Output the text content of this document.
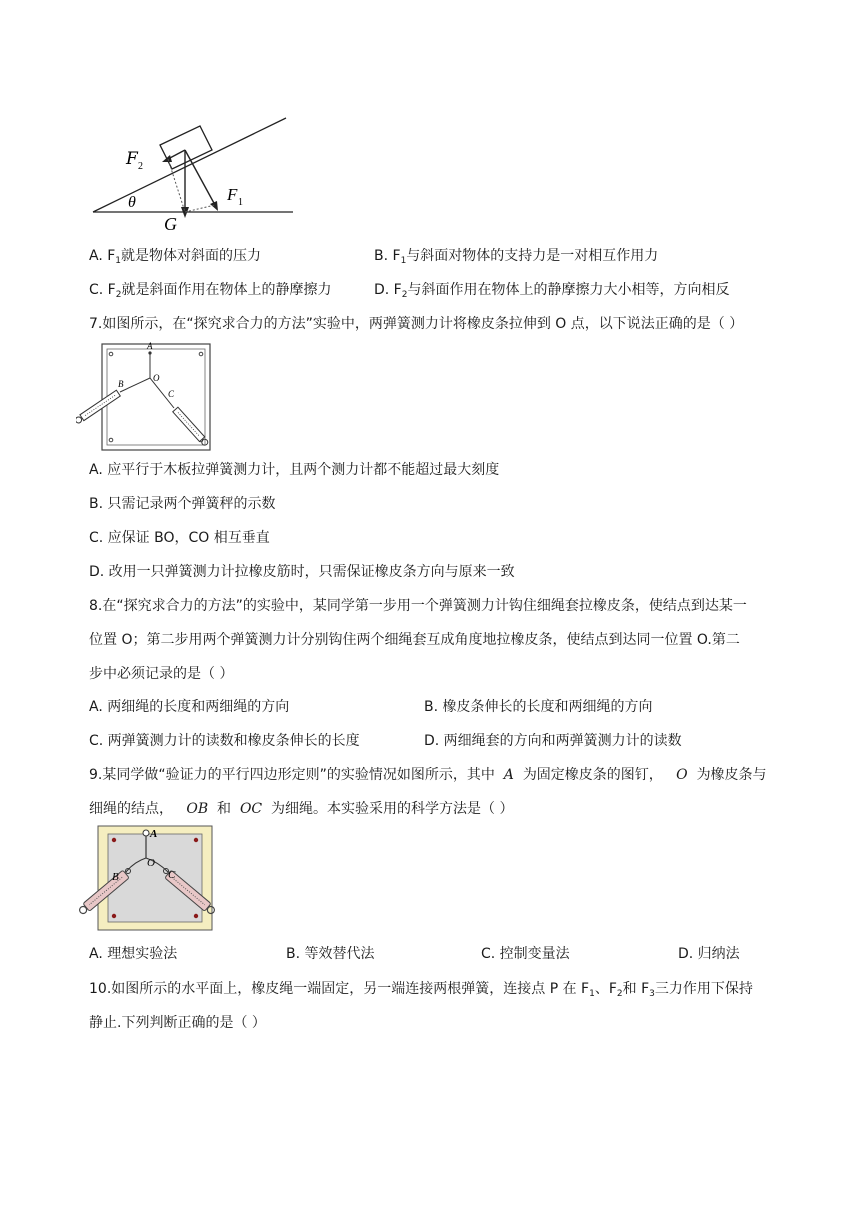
F 2
F 1
θ
G
A. $F_1$就是物体对斜面的压力	B. $F_1$与斜面对物体的支持力是一对相互作用力
C. $F_2$就是斜面作用在物体上的静摩擦力	D. $F_2$与斜面作用在物体上的静摩擦力大小相等，方向相反
7.如图所示，在“探究求合力的方法”实验中，两弹簧测力计将橡皮条拉伸到 O 点，以下说法正确的是（ ）
A
O
B
C
A. 应平行于木板拉弹簧测力计，且两个测力计都不能超过最大刻度
B. 只需记录两个弹簧秤的示数
C. 应保证 BO，CO 相互垂直
D. 改用一只弹簧测力计拉橡皮筋时，只需保证橡皮条方向与原来一致
8.在“探究求合力的方法”的实验中，某同学第一步用一个弹簧测力计钩住细绳套拉橡皮条，使结点到达某一
位置 O；第二步用两个弹簧测力计分别钩住两个细绳套互成角度地拉橡皮条，使结点到达同一位置 O.第二
步中必须记录的是（ ）
A. 两细绳的长度和两细绳的方向	B. 橡皮条伸长的长度和两细绳的方向
C. 两弹簧测力计的读数和橡皮条伸长的长度	D. 两细绳套的方向和两弹簧测力计的读数
9.某同学做“验证力的平行四边形定则”的实验情况如图所示，其中 A 为固定橡皮条的图钉， O 为橡皮条与
细绳的结点， OB 和 OC 为细绳。本实验采用的科学方法是（ ）
A
O
B	C
A. 理想实验法	B. 等效替代法	C. 控制变量法	D. 归纳法
10.如图所示的水平面上，橡皮绳一端固定，另一端连接两根弹簧，连接点 P 在 $F_1$、$F_2$和 $F_3$三力作用下保持
静止.下列判断正确的是（ ）
